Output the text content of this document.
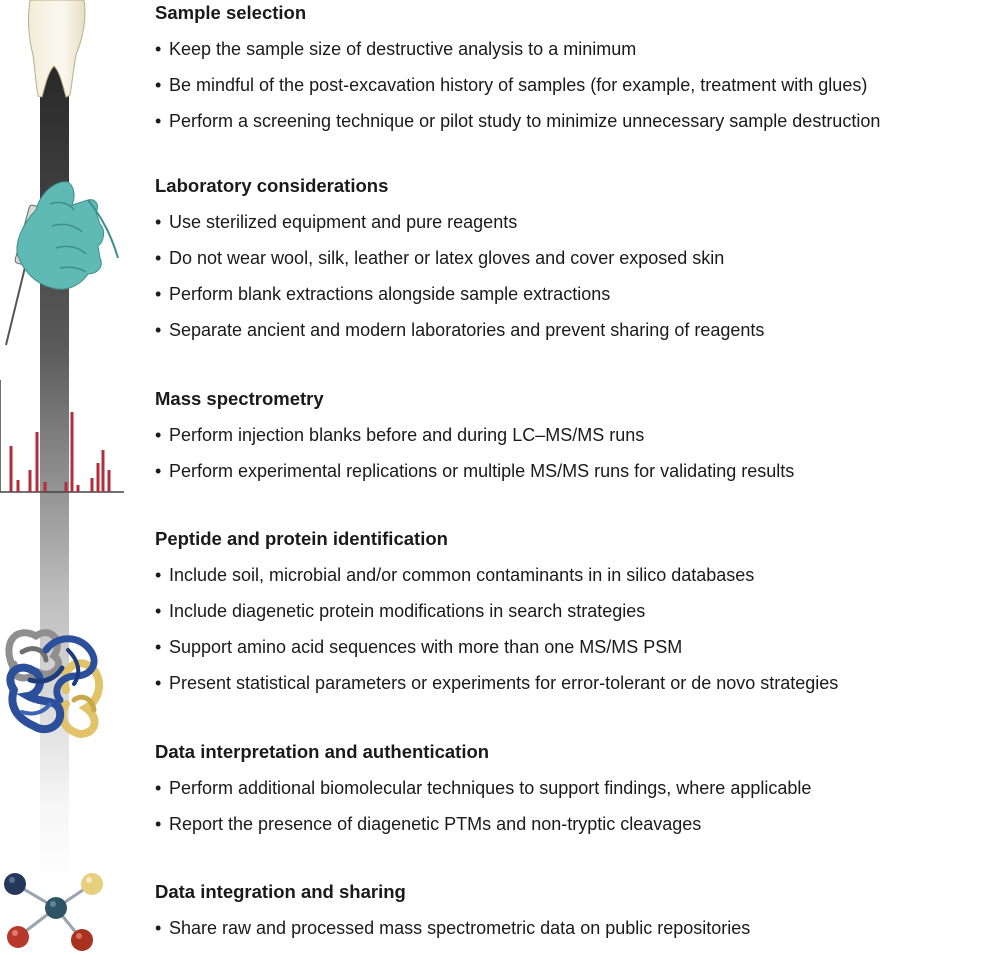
Sample selection
• Keep the sample size of destructive analysis to a minimum
• Be mindful of the post-excavation history of samples (for example, treatment with glues)
• Perform a screening technique or pilot study to minimize unnecessary sample destruction
Laboratory considerations
• Use sterilized equipment and pure reagents
• Do not wear wool, silk, leather or latex gloves and cover exposed skin
• Perform blank extractions alongside sample extractions
• Separate ancient and modern laboratories and prevent sharing of reagents
Mass spectrometry
• Perform injection blanks before and during LC–MS/MS runs
• Perform experimental replications or multiple MS/MS runs for validating results
Peptide and protein identification
• Include soil, microbial and/or common contaminants in in silico databases
• Include diagenetic protein modifications in search strategies
• Support amino acid sequences with more than one MS/MS PSM
• Present statistical parameters or experiments for error-tolerant or de novo strategies
Data interpretation and authentication
• Perform additional biomolecular techniques to support findings, where applicable
• Report the presence of diagenetic PTMs and non-tryptic cleavages
Data integration and sharing
• Share raw and processed mass spectrometric data on public repositories
